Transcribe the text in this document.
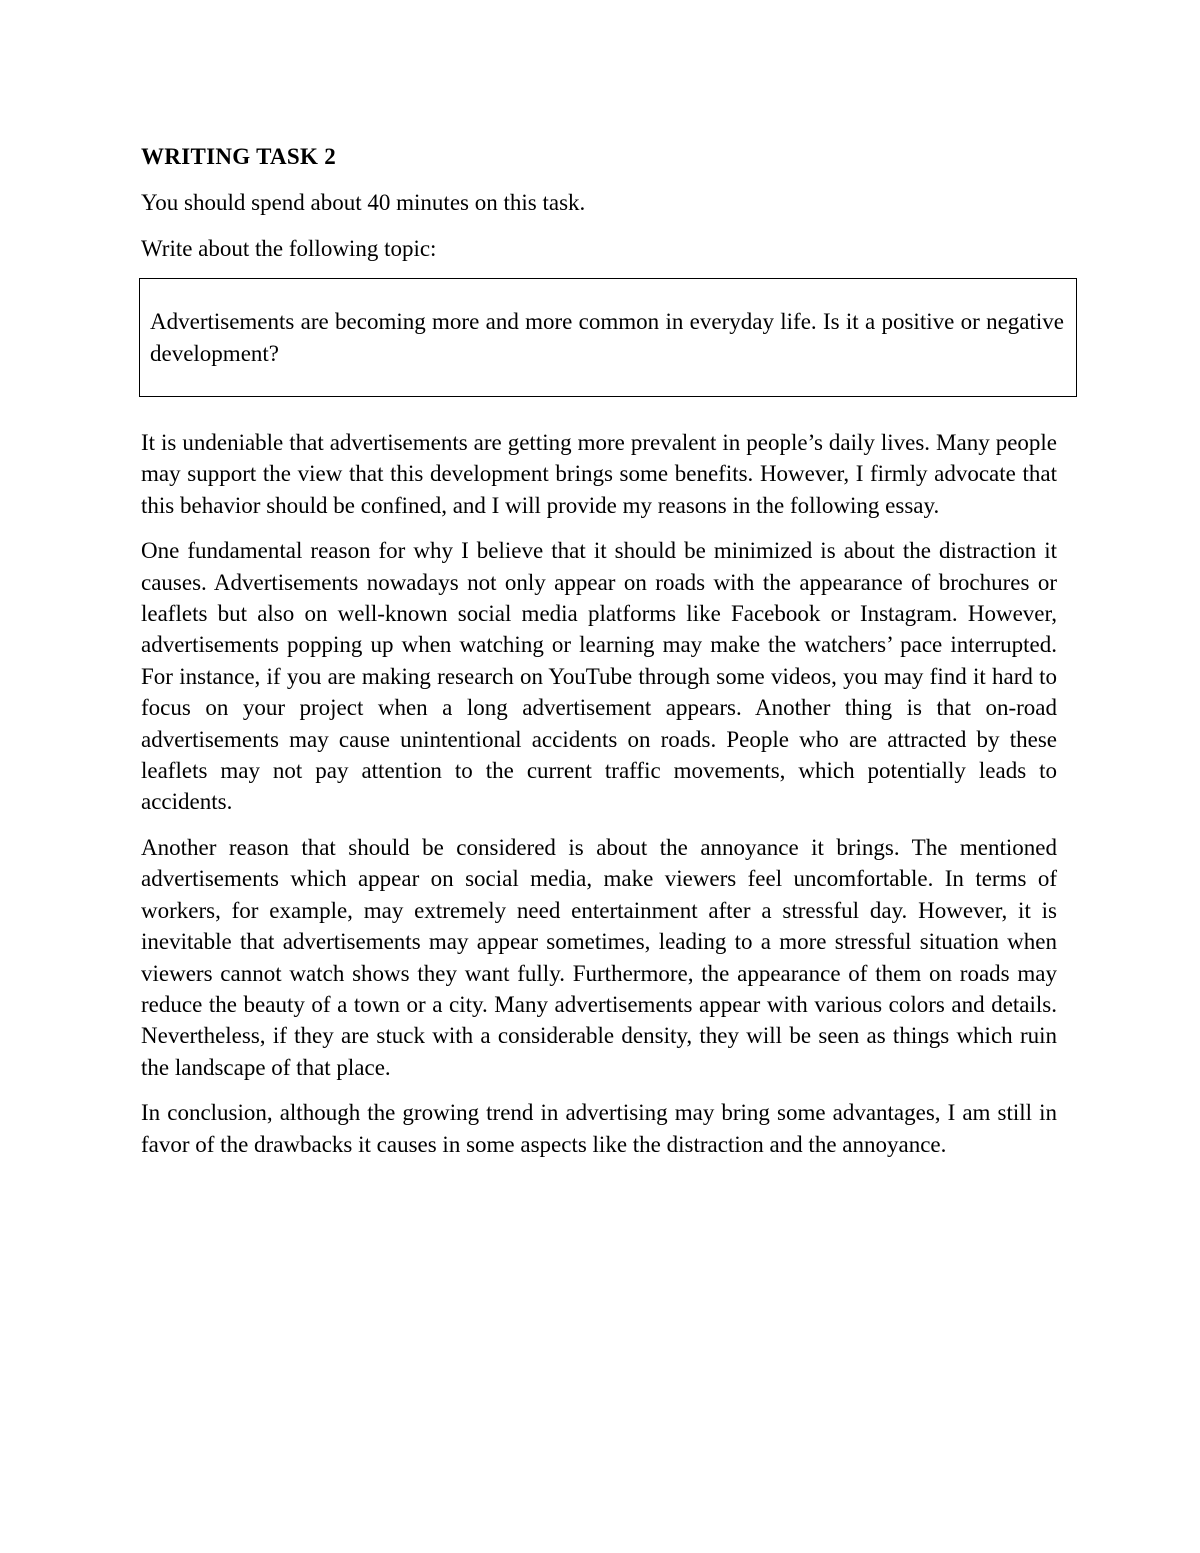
WRITING TASK 2
You should spend about 40 minutes on this task.
Write about the following topic:

Advertisements are becoming more and more common in everyday life. Is it a positive or negative development?

It is undeniable that advertisements are getting more prevalent in people’s daily lives. Many people may support the view that this development brings some benefits. However, I firmly advocate that this behavior should be confined, and I will provide my reasons in the following essay.

One fundamental reason for why I believe that it should be minimized is about the distraction it causes. Advertisements nowadays not only appear on roads with the appearance of brochures or leaflets but also on well-known social media platforms like Facebook or Instagram. However, advertisements popping up when watching or learning may make the watchers’ pace interrupted. For instance, if you are making research on YouTube through some videos, you may find it hard to focus on your project when a long advertisement appears. Another thing is that on-road advertisements may cause unintentional accidents on roads. People who are attracted by these leaflets may not pay attention to the current traffic movements, which potentially leads to accidents.

Another reason that should be considered is about the annoyance it brings. The mentioned advertisements which appear on social media, make viewers feel uncomfortable. In terms of workers, for example, may extremely need entertainment after a stressful day. However, it is inevitable that advertisements may appear sometimes, leading to a more stressful situation when viewers cannot watch shows they want fully. Furthermore, the appearance of them on roads may reduce the beauty of a town or a city. Many advertisements appear with various colors and details. Nevertheless, if they are stuck with a considerable density, they will be seen as things which ruin the landscape of that place.

In conclusion, although the growing trend in advertising may bring some advantages, I am still in favor of the drawbacks it causes in some aspects like the distraction and the annoyance.
